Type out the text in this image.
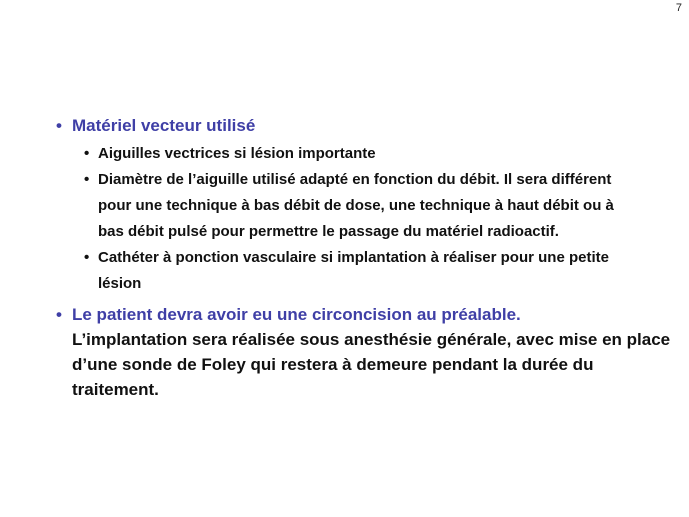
7
• Matériel vecteur utilisé
• Aiguilles vectrices si lésion importante
• Diamètre de l’aiguille utilisé adapté en fonction du débit. Il sera différent pour une technique à bas débit de dose, une technique à haut débit ou à bas débit pulsé pour permettre le passage du matériel radioactif.
• Cathéter à ponction vasculaire si implantation à réaliser pour une petite lésion
• Le patient devra avoir eu une circoncision au préalable.
L’implantation sera réalisée sous anesthésie générale, avec mise en place d’une sonde de Foley qui restera à demeure pendant la durée du traitement.
